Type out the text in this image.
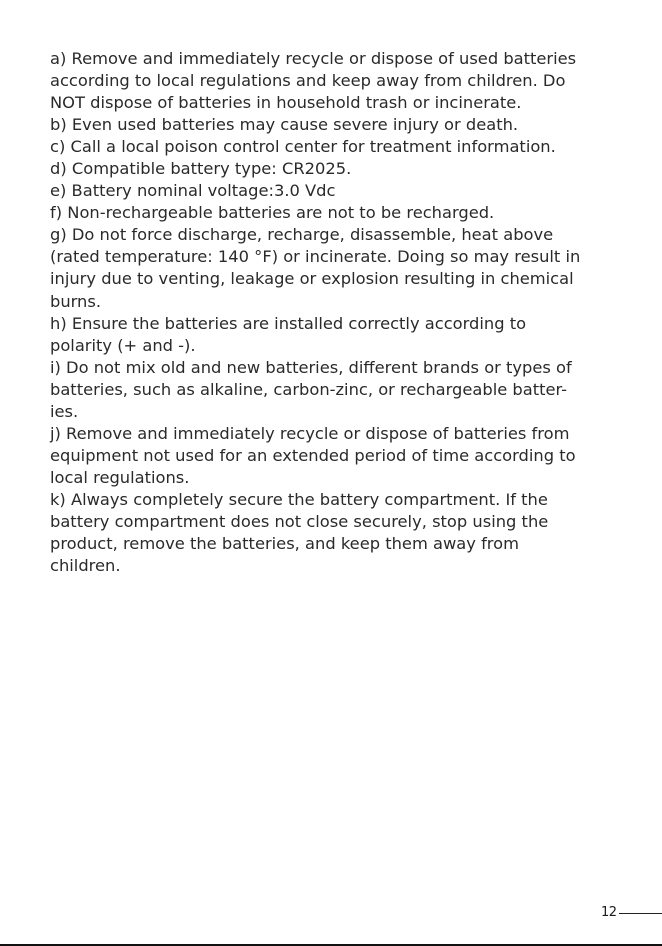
a) Remove and immediately recycle or dispose of used batteries
according to local regulations and keep away from children. Do
NOT dispose of batteries in household trash or incinerate.
b) Even used batteries may cause severe injury or death.
c) Call a local poison control center for treatment information.
d) Compatible battery type: CR2025.
e) Battery nominal voltage:3.0 Vdc
f) Non-rechargeable batteries are not to be recharged.
g) Do not force discharge, recharge, disassemble, heat above
(rated temperature: 140 °F) or incinerate. Doing so may result in
injury due to venting, leakage or explosion resulting in chemical
burns.
h) Ensure the batteries are installed correctly according to
polarity (+ and -).
i) Do not mix old and new batteries, different brands or types of
batteries, such as alkaline, carbon-zinc, or rechargeable batter-
ies.
j) Remove and immediately recycle or dispose of batteries from
equipment not used for an extended period of time according to
local regulations.
k) Always completely secure the battery compartment. If the
battery compartment does not close securely, stop using the
product, remove the batteries, and keep them away from
children.
12
